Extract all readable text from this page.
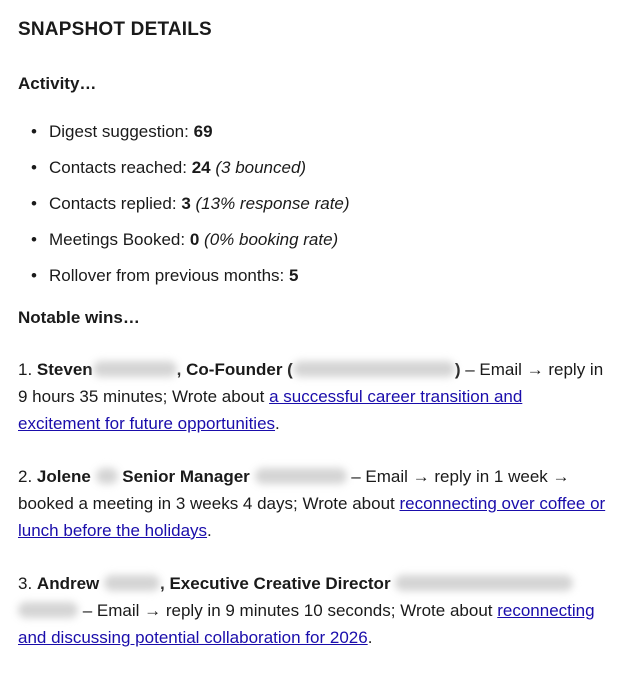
SNAPSHOT DETAILS
Activity…
• Digest suggestion: 69
• Contacts reached: 24 (3 bounced)
• Contacts replied: 3 (13% response rate)
• Meetings Booked: 0 (0% booking rate)
• Rollover from previous months: 5
Notable wins…

1. Steven	, Co-Founder (	) – Email → reply in 9 hours 35 minutes; Wrote about a successful career transition and excitement for future opportunities.

2. Jolene Senior Manager	– Email → reply in 1 week → booked a meeting in 3 weeks 4 days; Wrote about reconnecting over coffee or lunch before the holidays.

3. Andrew	, Executive Creative Director   – Email → reply in 9 minutes 10 seconds; Wrote about reconnecting and discussing potential collaboration for 2026.
